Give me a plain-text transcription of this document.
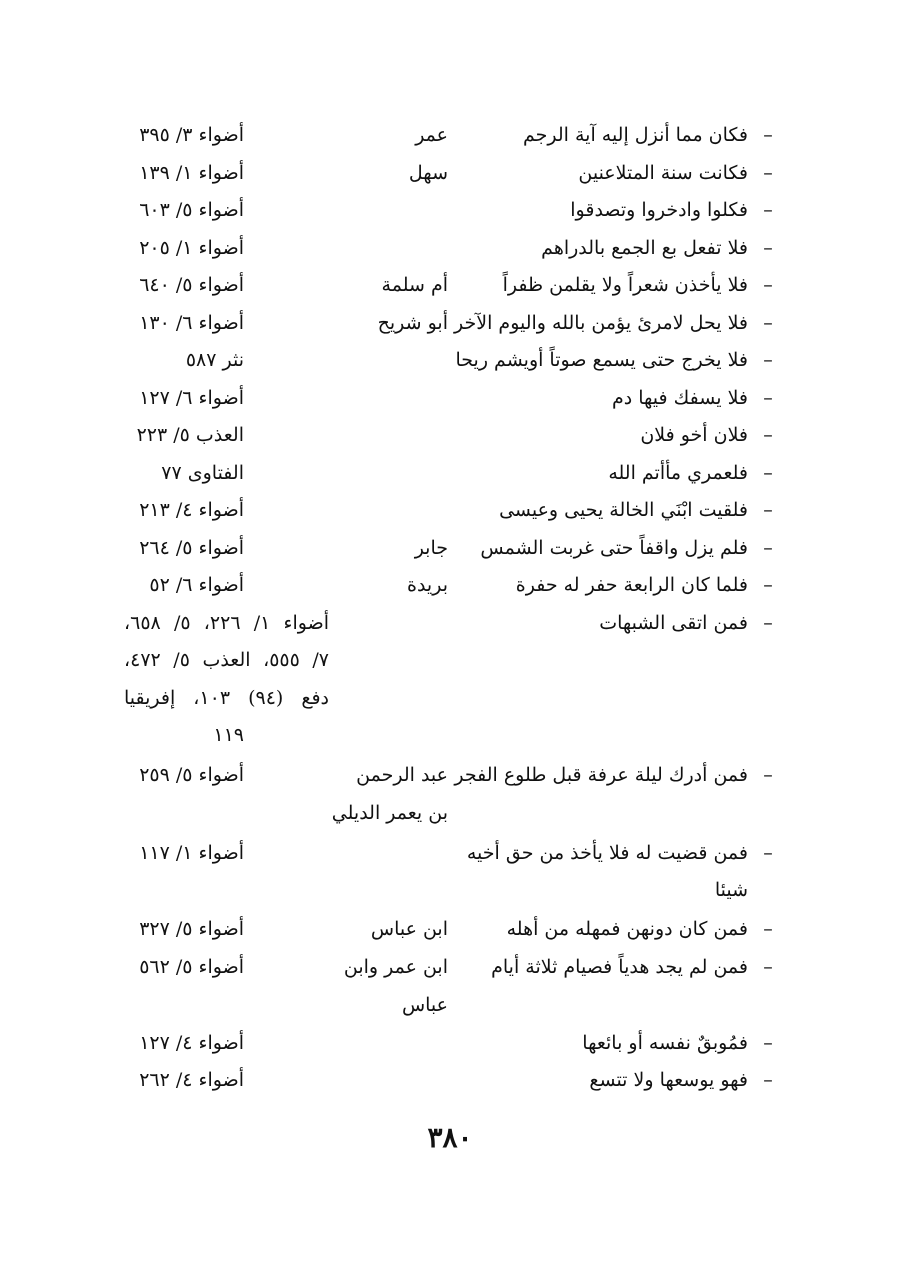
–
فكان مما أنزل إليه آية الرجم
عمر
أضواء ٣/ ٣٩٥
–
فكانت سنة المتلاعنين
سهل
أضواء ١/ ١٣٩
–
فكلوا وادخروا وتصدقوا
أضواء ٥/ ٦٠٣
–
فلا تفعل بع الجمع بالدراهم
أضواء ١/ ٢٠٥
–
فلا يأخذن شعراً ولا يقلمن ظفراً
أم سلمة
أضواء ٥/ ٦٤٠
–
فلا يحل لامرئ يؤمن بالله واليوم الآخر
أبو شريح
أضواء ٦/ ١٣٠
–
فلا يخرج حتى يسمع صوتاً أويشم ريحا
نثر ٥٨٧
–
فلا يسفك فيها دم
أضواء ٦/ ١٢٧
–
فلان أخو فلان
العذب ٥/ ٢٢٣
–
فلعمري مأأتم الله
الفتاوى ٧٧
–
فلقيت ابْنَي الخالة يحيى وعيسى
أضواء ٤/ ٢١٣
–
فلم يزل واقفاً حتى غربت الشمس
جابر
أضواء ٥/ ٢٦٤
–
فلما كان الرابعة حفر له حفرة
بريدة
أضواء ٦/ ٥٢
–
فمن اتقى الشبهات
أضواء ١/ ٢٢٦، ٥/ ٦٥٨،
٧/ ٥٥٥، العذب ٥/ ٤٧٢،
دفع (٩٤) ١٠٣، إفريقيا
١١٩
–
فمن أدرك ليلة عرفة قبل طلوع الفجر
عبد الرحمن
أضواء ٥/ ٢٥٩
بن يعمر الديلي
–
فمن قضيت له فلا يأخذ من حق أخيه
أضواء ١/ ١١٧
شيئا
–
فمن كان دونهن فمهله من أهله
ابن عباس
أضواء ٥/ ٣٢٧
–
فمن لم يجد هدياً فصيام ثلاثة أيام
ابن عمر وابن
أضواء ٥/ ٥٦٢
عباس
–
فمُوبقٌ نفسه أو بائعها
أضواء ٤/ ١٢٧
–
فهو يوسعها ولا تتسع
أضواء ٤/ ٢٦٢
٣٨٠
